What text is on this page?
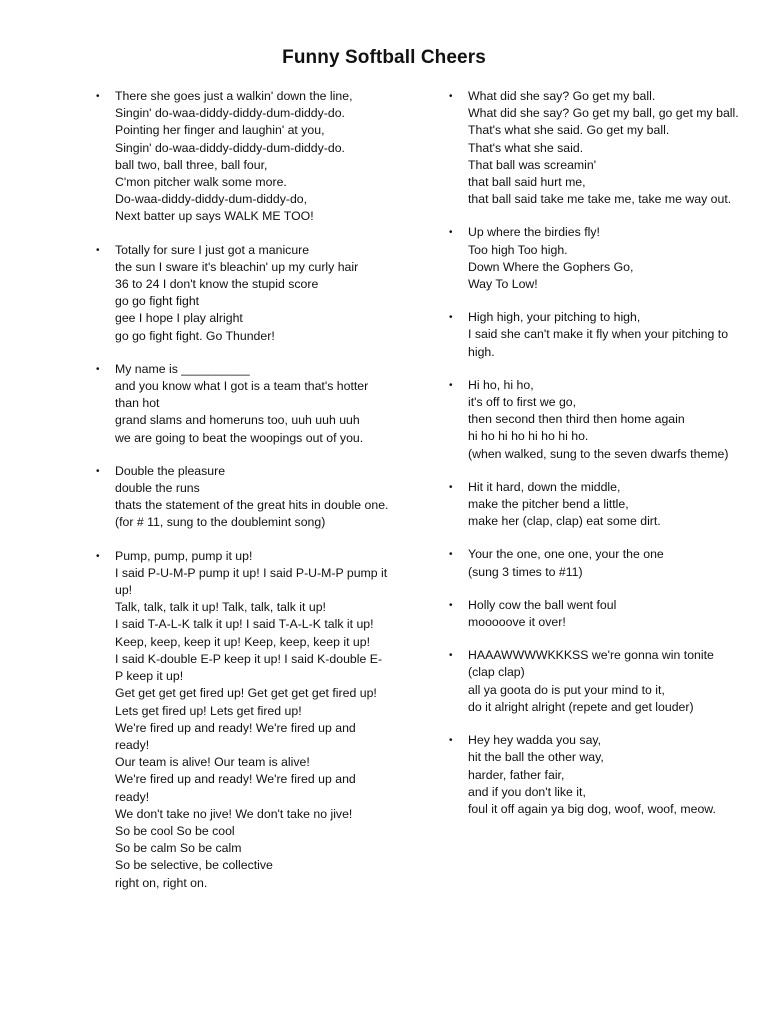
Funny Softball Cheers
• There she goes just a walkin' down the line,
Singin' do-waa-diddy-diddy-dum-diddy-do.
Pointing her finger and laughin' at you,
Singin' do-waa-diddy-diddy-dum-diddy-do.
ball two, ball three, ball four,
C'mon pitcher walk some more.
Do-waa-diddy-diddy-dum-diddy-do,
Next batter up says WALK ME TOO!
• Totally for sure I just got a manicure
the sun I sware it's bleachin' up my curly hair
36 to 24 I don't know the stupid score
go go fight fight
gee I hope I play alright
go go fight fight. Go Thunder!
• My name is __________
and you know what I got is a team that's hotter than hot
grand slams and homeruns too, uuh uuh uuh
we are going to beat the woopings out of you.
• Double the pleasure
double the runs
thats the statement of the great hits in double one.
(for # 11, sung to the doublemint song)
• Pump, pump, pump it up!
I said P-U-M-P pump it up! I said P-U-M-P pump it up!
Talk, talk, talk it up! Talk, talk, talk it up!
I said T-A-L-K talk it up! I said T-A-L-K talk it up!
Keep, keep, keep it up! Keep, keep, keep it up!
I said K-double E-P keep it up! I said K-double E-P keep it up!
Get get get get fired up! Get get get get fired up!
Lets get fired up! Lets get fired up!
We're fired up and ready! We're fired up and ready!
Our team is alive! Our team is alive!
We're fired up and ready! We're fired up and ready!
We don't take no jive! We don't take no jive!
So be cool So be cool
So be calm So be calm
So be selective, be collective
right on, right on.
• What did she say? Go get my ball.
What did she say? Go get my ball, go get my ball.
That's what she said. Go get my ball.
That's what she said.
That ball was screamin'
that ball said hurt me,
that ball said take me take me, take me way out.
• Up where the birdies fly!
Too high Too high.
Down Where the Gophers Go,
Way To Low!
• High high, your pitching to high,
I said she can't make it fly when your pitching to high.
• Hi ho, hi ho,
it's off to first we go,
then second then third then home again
hi ho hi ho hi ho hi ho.
(when walked, sung to the seven dwarfs theme)
• Hit it hard, down the middle,
make the pitcher bend a little,
make her (clap, clap) eat some dirt.
• Your the one, one one, your the one
(sung 3 times to #11)
• Holly cow the ball went foul
mooooove it over!
• HAAAWWWWKKKSS we're gonna win tonite (clap clap)
all ya goota do is put your mind to it,
do it alright alright (repete and get louder)
• Hey hey wadda you say,
hit the ball the other way,
harder, father fair,
and if you don't like it,
foul it off again ya big dog, woof, woof, meow.
